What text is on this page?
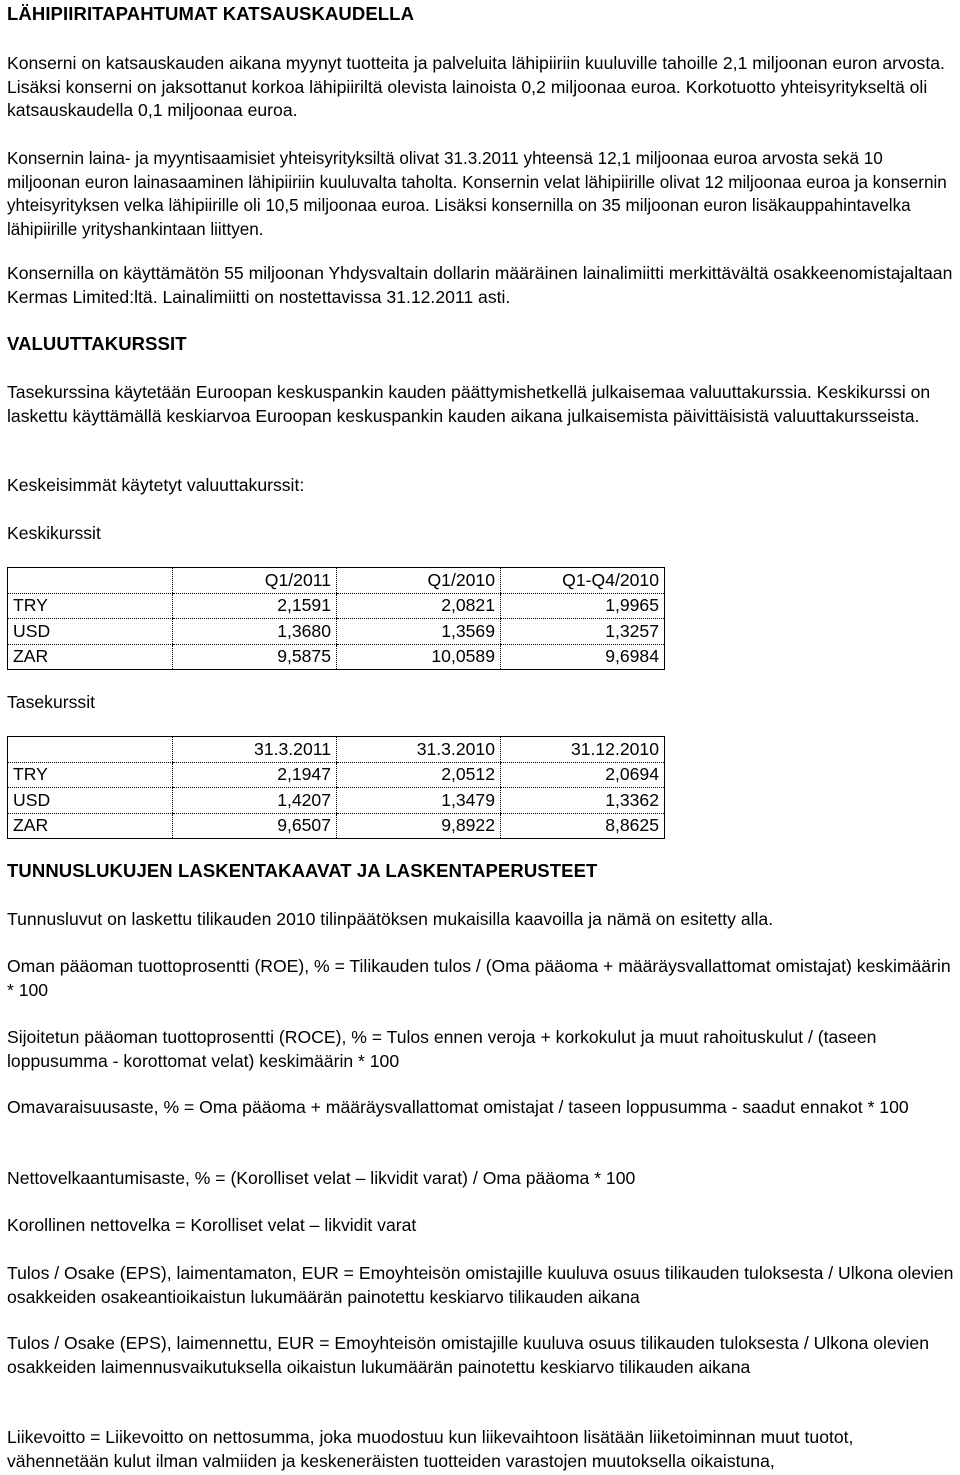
LÄHIPIIRITAPAHTUMAT KATSAUSKAUDELLA

Konserni on katsauskauden aikana myynyt tuotteita ja palveluita lähipiiriin kuuluville tahoille 2,1 miljoonan euron arvosta. Lisäksi konserni on jaksottanut korkoa lähipiiriltä olevista lainoista 0,2 miljoonaa euroa. Korkotuotto yhteisyritykseltä oli katsauskaudella 0,1 miljoonaa euroa.

Konsernin laina- ja myyntisaamisiet yhteisyrityksiltä olivat 31.3.2011 yhteensä 12,1 miljoonaa euroa arvosta sekä 10 miljoonan euron lainasaaminen lähipiiriin kuuluvalta taholta. Konsernin velat lähipiirille olivat 12 miljoonaa euroa ja konsernin yhteisyrityksen velka lähipiirille oli 10,5 miljoonaa euroa. Lisäksi konsernilla on 35 miljoonan euron lisäkauppahintavelka lähipiirille yrityshankintaan liittyen.

Konsernilla on käyttämätön 55 miljoonan Yhdysvaltain dollarin määräinen lainalimiitti merkittävältä osakkeenomistajaltaan Kermas Limited:ltä. Lainalimiitti on nostettavissa 31.12.2011 asti.

VALUUTTAKURSSIT

Tasekurssina käytetään Euroopan keskuspankin kauden päättymishetkellä julkaisemaa valuuttakurssia. Keskikurssi on laskettu käyttämällä keskiarvoa Euroopan keskuspankin kauden aikana julkaisemista päivittäisistä valuuttakursseista.

Keskeisimmät käytetyt valuuttakurssit:

Keskikurssit
	Q1/2011	Q1/2010	Q1-Q4/2010
TRY	2,1591	2,0821	1,9965
USD	1,3680	1,3569	1,3257
ZAR	9,5875	10,0589	9,6984
Tasekurssit
	31.3.2011	31.3.2010	31.12.2010
TRY	2,1947	2,0512	2,0694
USD	1,4207	1,3479	1,3362
ZAR	9,6507	9,8922	8,8625
TUNNUSLUKUJEN LASKENTAKAAVAT JA LASKENTAPERUSTEET

Tunnusluvut on laskettu tilikauden 2010 tilinpäätöksen mukaisilla kaavoilla ja nämä on esitetty alla.

Oman pääoman tuottoprosentti (ROE), % = Tilikauden tulos / (Oma pääoma + määräysvallattomat omistajat) keskimäärin * 100

Sijoitetun pääoman tuottoprosentti (ROCE), % = Tulos ennen veroja + korkokulut ja muut rahoituskulut / (taseen loppusumma - korottomat velat) keskimäärin * 100

Omavaraisuusaste, % = Oma pääoma + määräysvallattomat omistajat / taseen loppusumma - saadut ennakot * 100

Nettovelkaantumisaste, % = (Korolliset velat – likvidit varat) / Oma pääoma * 100

Korollinen nettovelka = Korolliset velat – likvidit varat

Tulos / Osake (EPS), laimentamaton, EUR = Emoyhteisön omistajille kuuluva osuus tilikauden tuloksesta / Ulkona olevien osakkeiden osakeantioikaistun lukumäärän painotettu keskiarvo tilikauden aikana

Tulos / Osake (EPS), laimennettu, EUR = Emoyhteisön omistajille kuuluva osuus tilikauden tuloksesta / Ulkona olevien osakkeiden laimennusvaikutuksella oikaistun lukumäärän painotettu keskiarvo tilikauden aikana

Liikevoitto = Liikevoitto on nettosumma, joka muodostuu kun liikevaihtoon lisätään liiketoiminnan muut tuotot, vähennetään kulut ilman valmiiden ja keskeneräisten tuotteiden varastojen muutoksella oikaistuna,
